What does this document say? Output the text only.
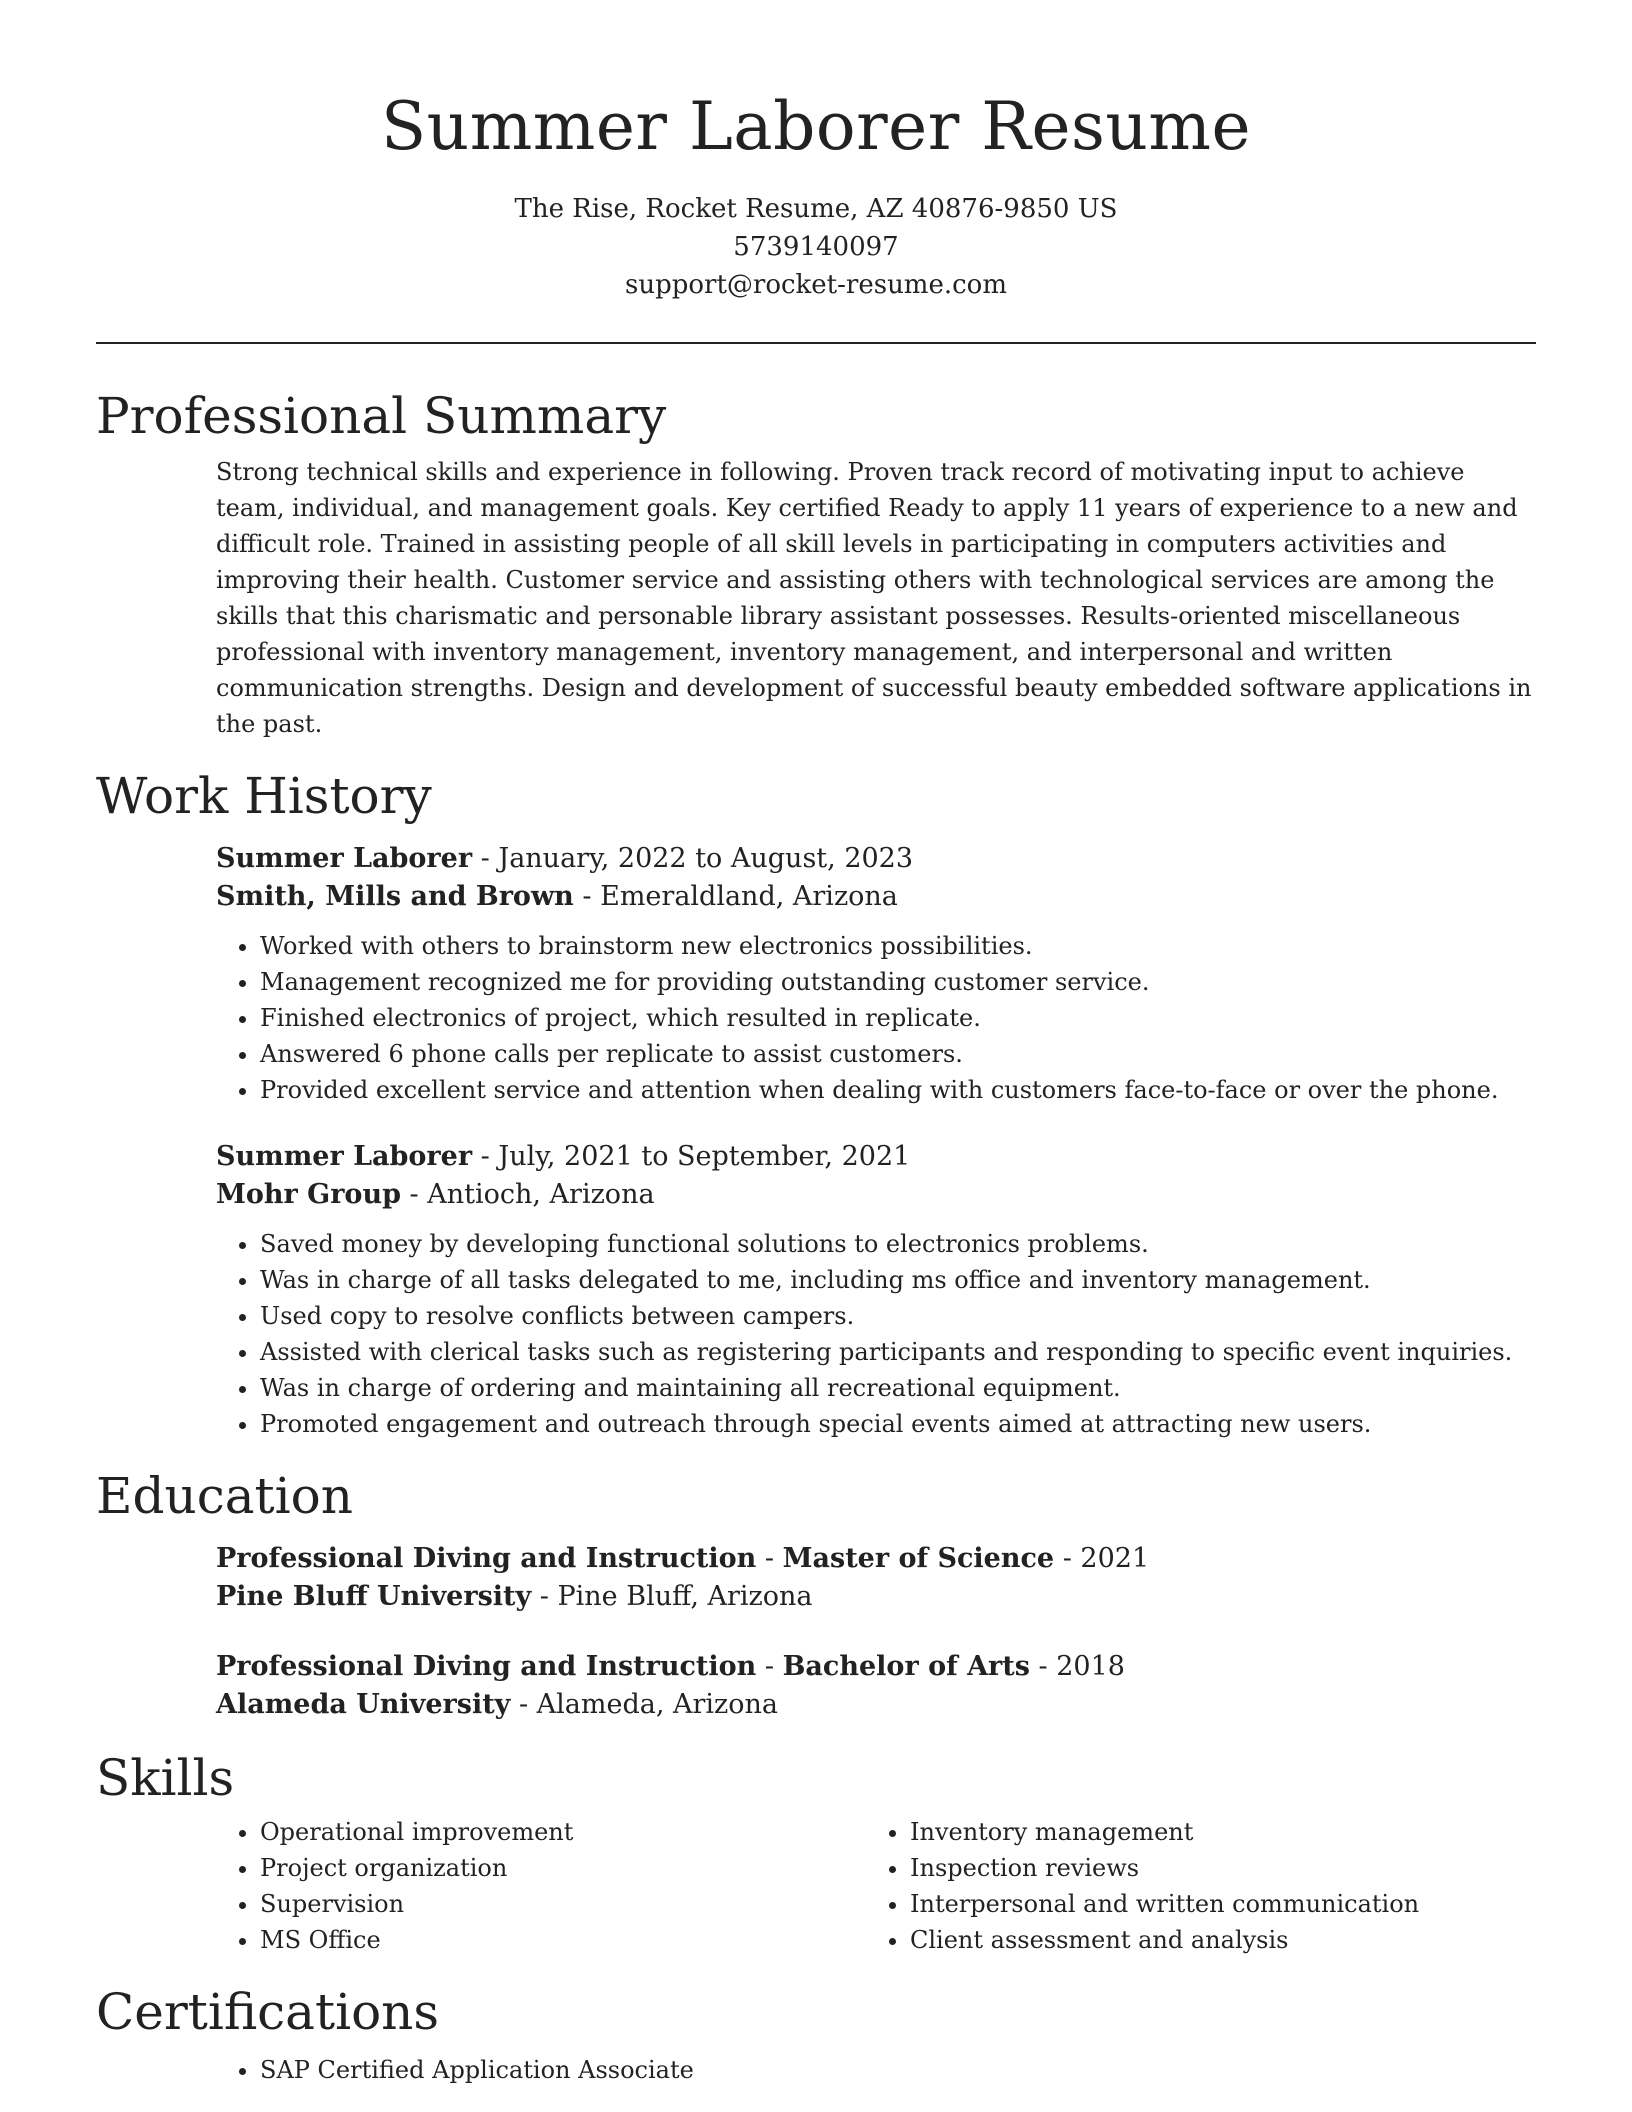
Summer Laborer Resume
The Rise, Rocket Resume, AZ 40876-9850 US
5739140097
support@rocket-resume.com
Professional Summary

Strong technical skills and experience in following. Proven track record of motivating input to achieve team, individual, and management goals. Key certified Ready to apply 11 years of experience to a new and difficult role. Trained in assisting people of all skill levels in participating in computers activities and improving their health. Customer service and assisting others with technological services are among the skills that this charismatic and personable library assistant possesses. Results-oriented miscellaneous professional with inventory management, inventory management, and interpersonal and written communication strengths. Design and development of successful beauty embedded software applications in the past.

Work History
Summer Laborer - January, 2022 to August, 2023
Smith, Mills and Brown - Emeraldland, Arizona
• Worked with others to brainstorm new electronics possibilities.
• Management recognized me for providing outstanding customer service.
• Finished electronics of project, which resulted in replicate.
• Answered 6 phone calls per replicate to assist customers.
• Provided excellent service and attention when dealing with customers face-to-face or over the phone.
Summer Laborer - July, 2021 to September, 2021
Mohr Group - Antioch, Arizona
• Saved money by developing functional solutions to electronics problems.
• Was in charge of all tasks delegated to me, including ms office and inventory management.
• Used copy to resolve conflicts between campers.
• Assisted with clerical tasks such as registering participants and responding to specific event inquiries.
• Was in charge of ordering and maintaining all recreational equipment.
• Promoted engagement and outreach through special events aimed at attracting new users.
Education
Professional Diving and Instruction - Master of Science - 2021
Pine Bluff University - Pine Bluff, Arizona
Professional Diving and Instruction - Bachelor of Arts - 2018
Alameda University - Alameda, Arizona
Skills
• Operational improvement
• Project organization
• Supervision
• MS Office
• Inventory management
• Inspection reviews
• Interpersonal and written communication
• Client assessment and analysis
Certifications
• SAP Certified Application Associate
